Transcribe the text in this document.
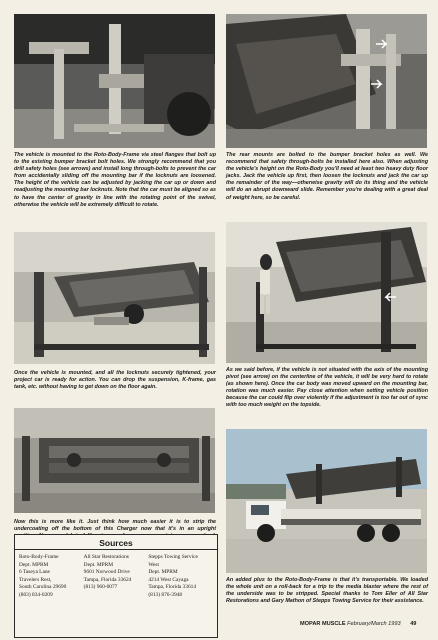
The vehicle is mounted to the Roto-Body-Frame via steel flanges that bolt up to the existing bumper bracket bolt holes. We strongly recommend that you drill safety holes (see arrows) and install long through-bolts to prevent the car from accidentally sliding off the mounting bar if the locknuts are loosened. The height of the vehicle can be adjusted by jacking the car up or down and readjusting the mounting bar locknuts. Note that the car must be aligned so as to have the center of gravity in line with the rotating point of the swivel, otherwise the vehicle will be extremely difficult to rotate.

The rear mounts are bolted to the bumper bracket holes as well. We recommend that safety through-bolts be installed here also. When adjusting the vehicle's height on the Roto-Body you'll need at least two heavy duty floor jacks. Jack the vehicle up first, then loosen the locknuts and jack the car up the remainder of the way—otherwise gravity will do its thing and the vehicle will do an abrupt downward slide. Remember you're dealing with a great deal of weight here, so be careful.

Once the vehicle is mounted, and all the locknuts securely tightened, your project car is ready for action. You can drop the suspension, K-frame, gas tank, etc. without having to get down on the floor again.

As we said before, if the vehicle is not situated with the axis of the mounting pivot (see arrow) on the centerline of the vehicle, it will be very hard to rotate (as shown here). Once the car body was moved upward on the mounting bar, rotation was much easier. Pay close attention when setting vehicle position because the car could flip over violently if the adjustment is too far out of sync with too much weight on the topside.

Now this is more like it. Just think how much easier it is to strip the undercoating off the bottom of this Charger now that it's in an upright

An added plus to the Roto-Body-Frame is that it's transportable. We loaded the whole unit on a roll-back for a trip to the media blaster where the rest of the underside was to be stripped. Special thanks to Tom Eller of All Star Restorations and Gary Mathon of Stepps Towing Service for their assistance.

Sources
Roto-Body-Frame
Dept. MPRM
6 Taseya Lane
Travelers Rest,
South Carolina 29690
(803) 834-0209
All Star Restorations
Dept. MPRM
9601 Norwood Drive
Tampa, Florida 33624
(813) 960-0077
Stepps Towing Service
West
Dept. MPRM
4214 West Cayaga
Tampa, Florida 33614
(813) 876-3948
MOPAR MUSCLE February/March 1993 49
